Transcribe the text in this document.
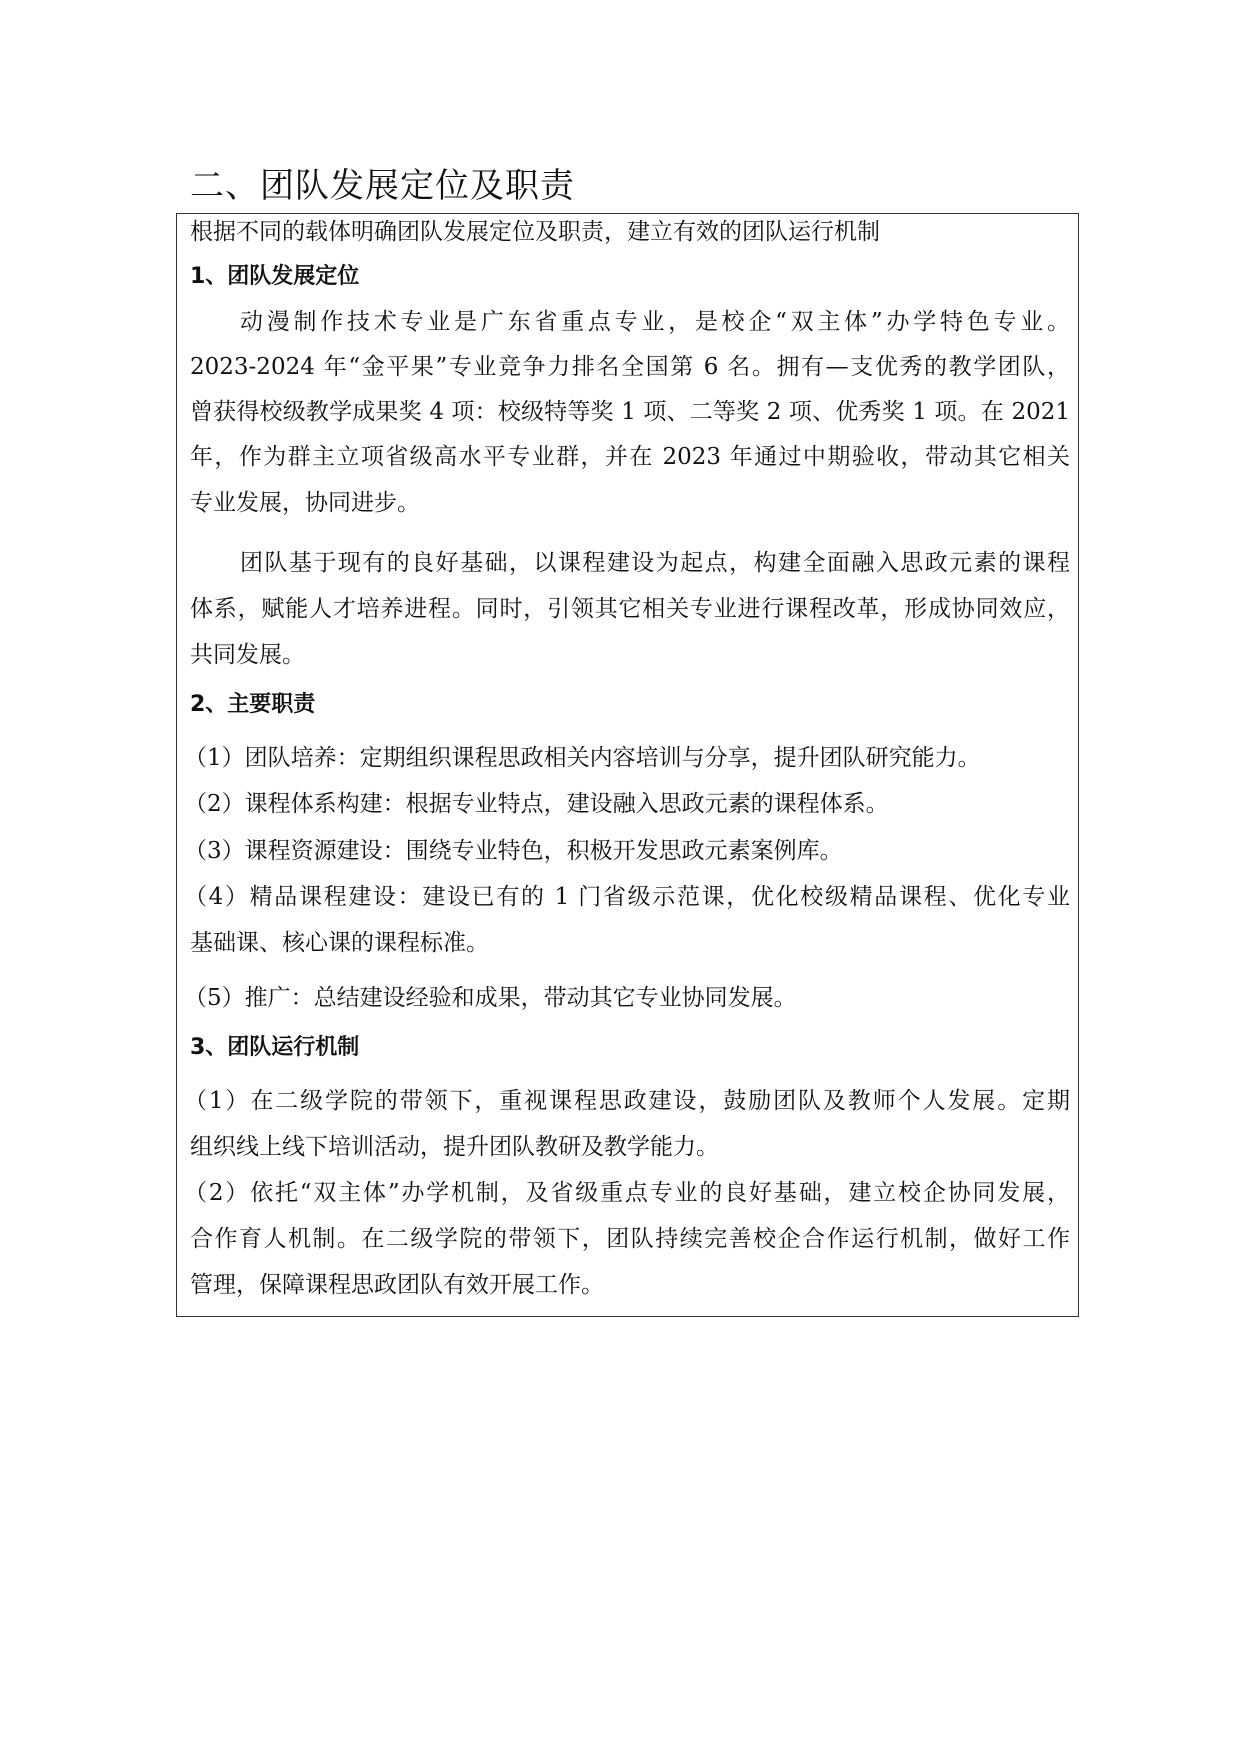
二、团队发展定位及职责
根据不同的载体明确团队发展定位及职责，建立有效的团队运行机制
1、团队发展定位
动漫制作技术专业是广东省重点专业，是校企“双主体”办学特色专业。
2023-2024 年“金平果”专业竞争力排名全国第 6 名。拥有—支优秀的教学团队，
曾获得校级教学成果奖 4 项：校级特等奖 1 项、二等奖 2 项、优秀奖 1 项。在 2021
年，作为群主立项省级高水平专业群，并在 2023 年通过中期验收，带动其它相关
专业发展，协同进步。
团队基于现有的良好基础，以课程建设为起点，构建全面融入思政元素的课程
体系，赋能人才培养进程。同时，引领其它相关专业进行课程改革，形成协同效应，
共同发展。
2、主要职责
（1）团队培养：定期组织课程思政相关内容培训与分享，提升团队研究能力。
（2）课程体系构建：根据专业特点，建设融入思政元素的课程体系。
（3）课程资源建设：围绕专业特色，积极开发思政元素案例库。
（4）精品课程建设：建设已有的 1 门省级示范课，优化校级精品课程、优化专业
基础课、核心课的课程标准。
（5）推广：总结建设经验和成果，带动其它专业协同发展。
3、团队运行机制
（1）在二级学院的带领下，重视课程思政建设，鼓励团队及教师个人发展。定期
组织线上线下培训活动，提升团队教研及教学能力。
（2）依托“双主体”办学机制，及省级重点专业的良好基础，建立校企协同发展，
合作育人机制。在二级学院的带领下，团队持续完善校企合作运行机制，做好工作
管理，保障课程思政团队有效开展工作。
